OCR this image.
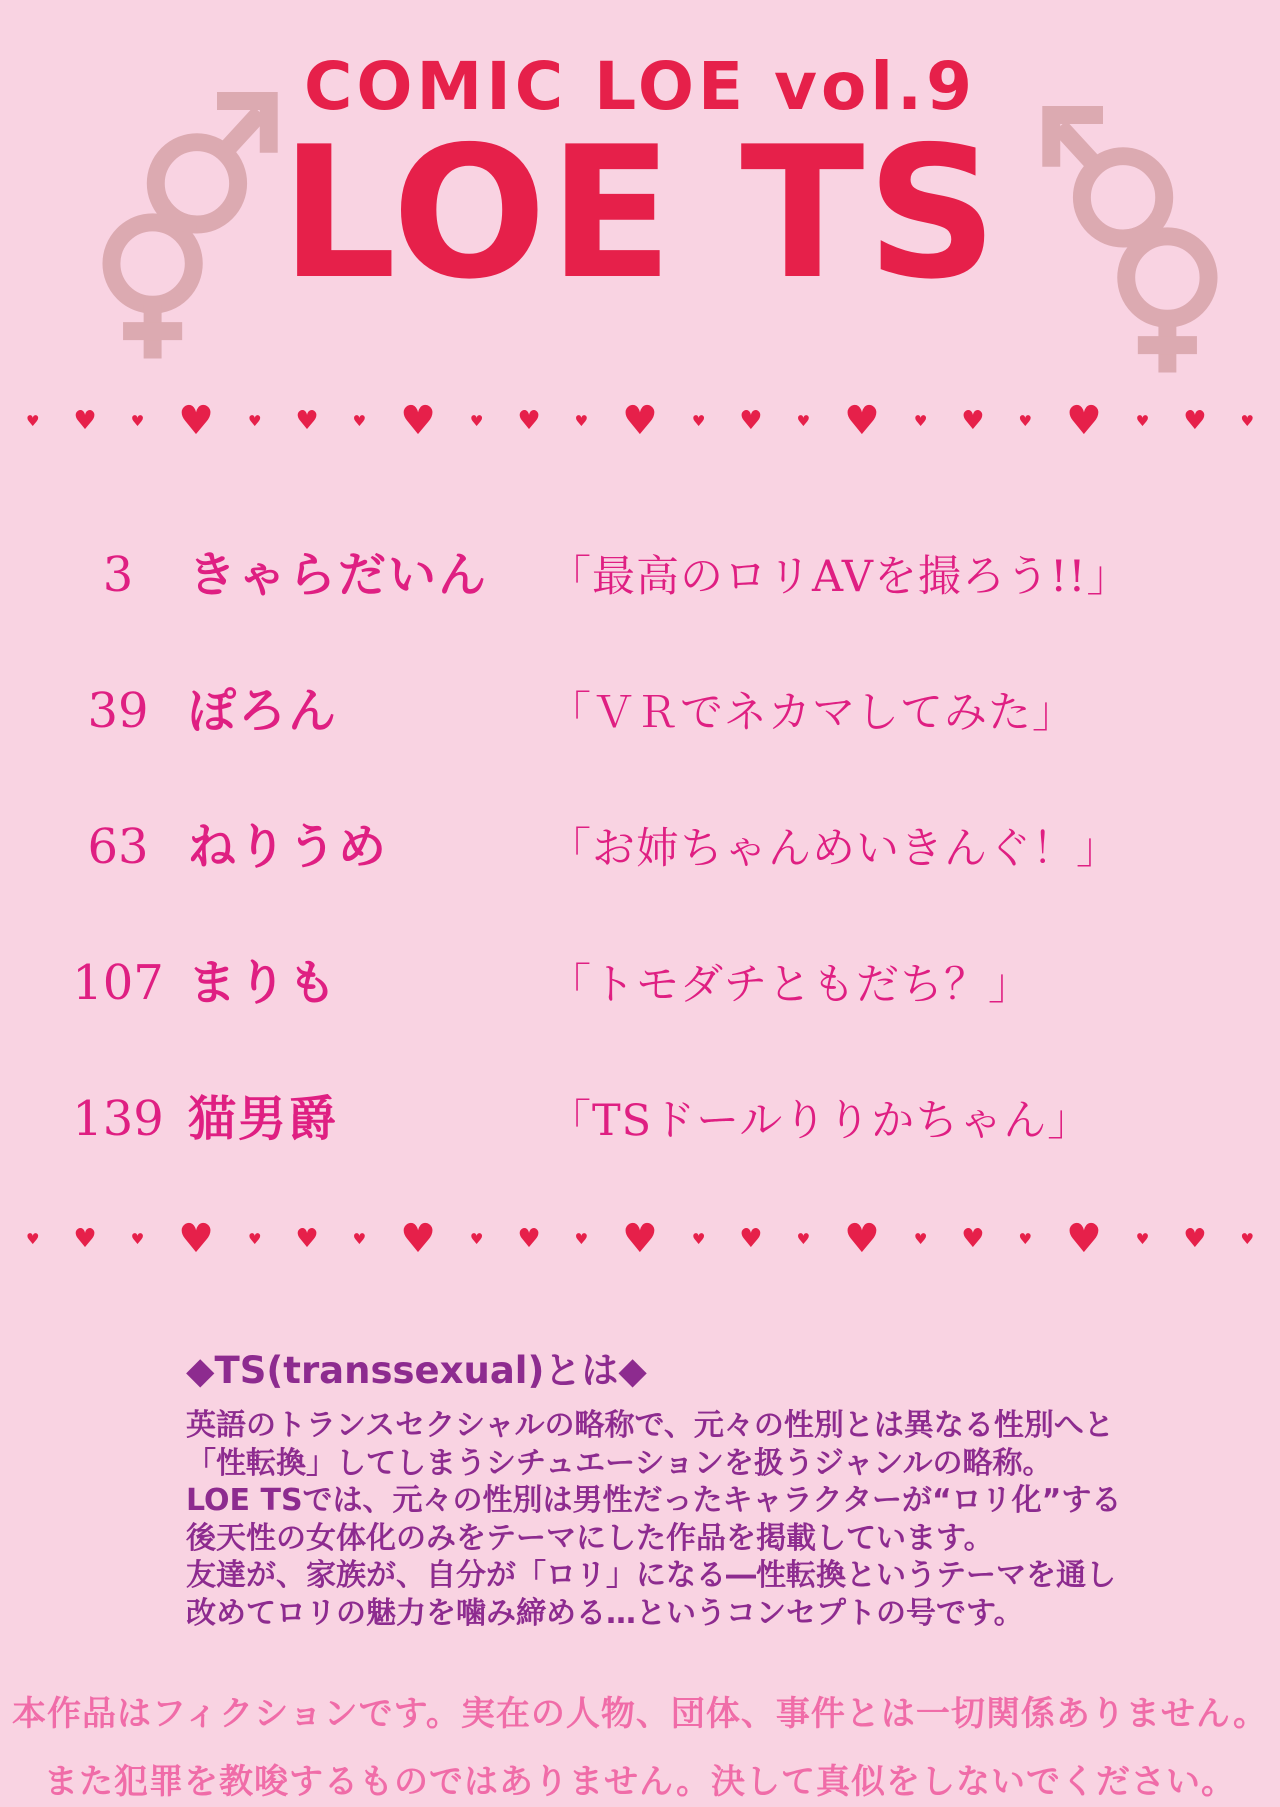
COMIC LOE vol.9
LOE TS
♥ ♥ ♥ ♥ ♥ ♥ ♥ ♥ ♥ ♥ ♥ ♥ ♥ ♥ ♥ ♥ ♥ ♥ ♥ ♥ ♥ ♥ ♥
♥ ♥ ♥ ♥ ♥ ♥ ♥ ♥ ♥ ♥ ♥ ♥ ♥ ♥ ♥ ♥ ♥ ♥ ♥ ♥ ♥ ♥ ♥
3	きゃらだいん	「最高のロリAVを撮ろう!!」
39 ぽろん	「ＶＲでネカマしてみた」
63 ねりうめ	「お姉ちゃんめいきんぐ！」
107 まりも	「トモダチともだち？」
139 猫男爵	「TSドールりりかちゃん」
◆TS(transsexual)とは◆

英語のトランスセクシャルの略称で、元々の性別とは異なる性別へと

「性転換」してしまうシチュエーションを扱うジャンルの略称。

LOE TSでは、元々の性別は男性だったキャラクターが“ロリ化”する

後天性の女体化のみをテーマにした作品を掲載しています。

友達が、家族が、自分が「ロリ」になる―性転換というテーマを通し

改めてロリの魅力を噛み締める…というコンセプトの号です。

本作品はフィクションです。実在の人物、団体、事件とは一切関係ありません。

また犯罪を教唆するものではありません。決して真似をしないでください。
